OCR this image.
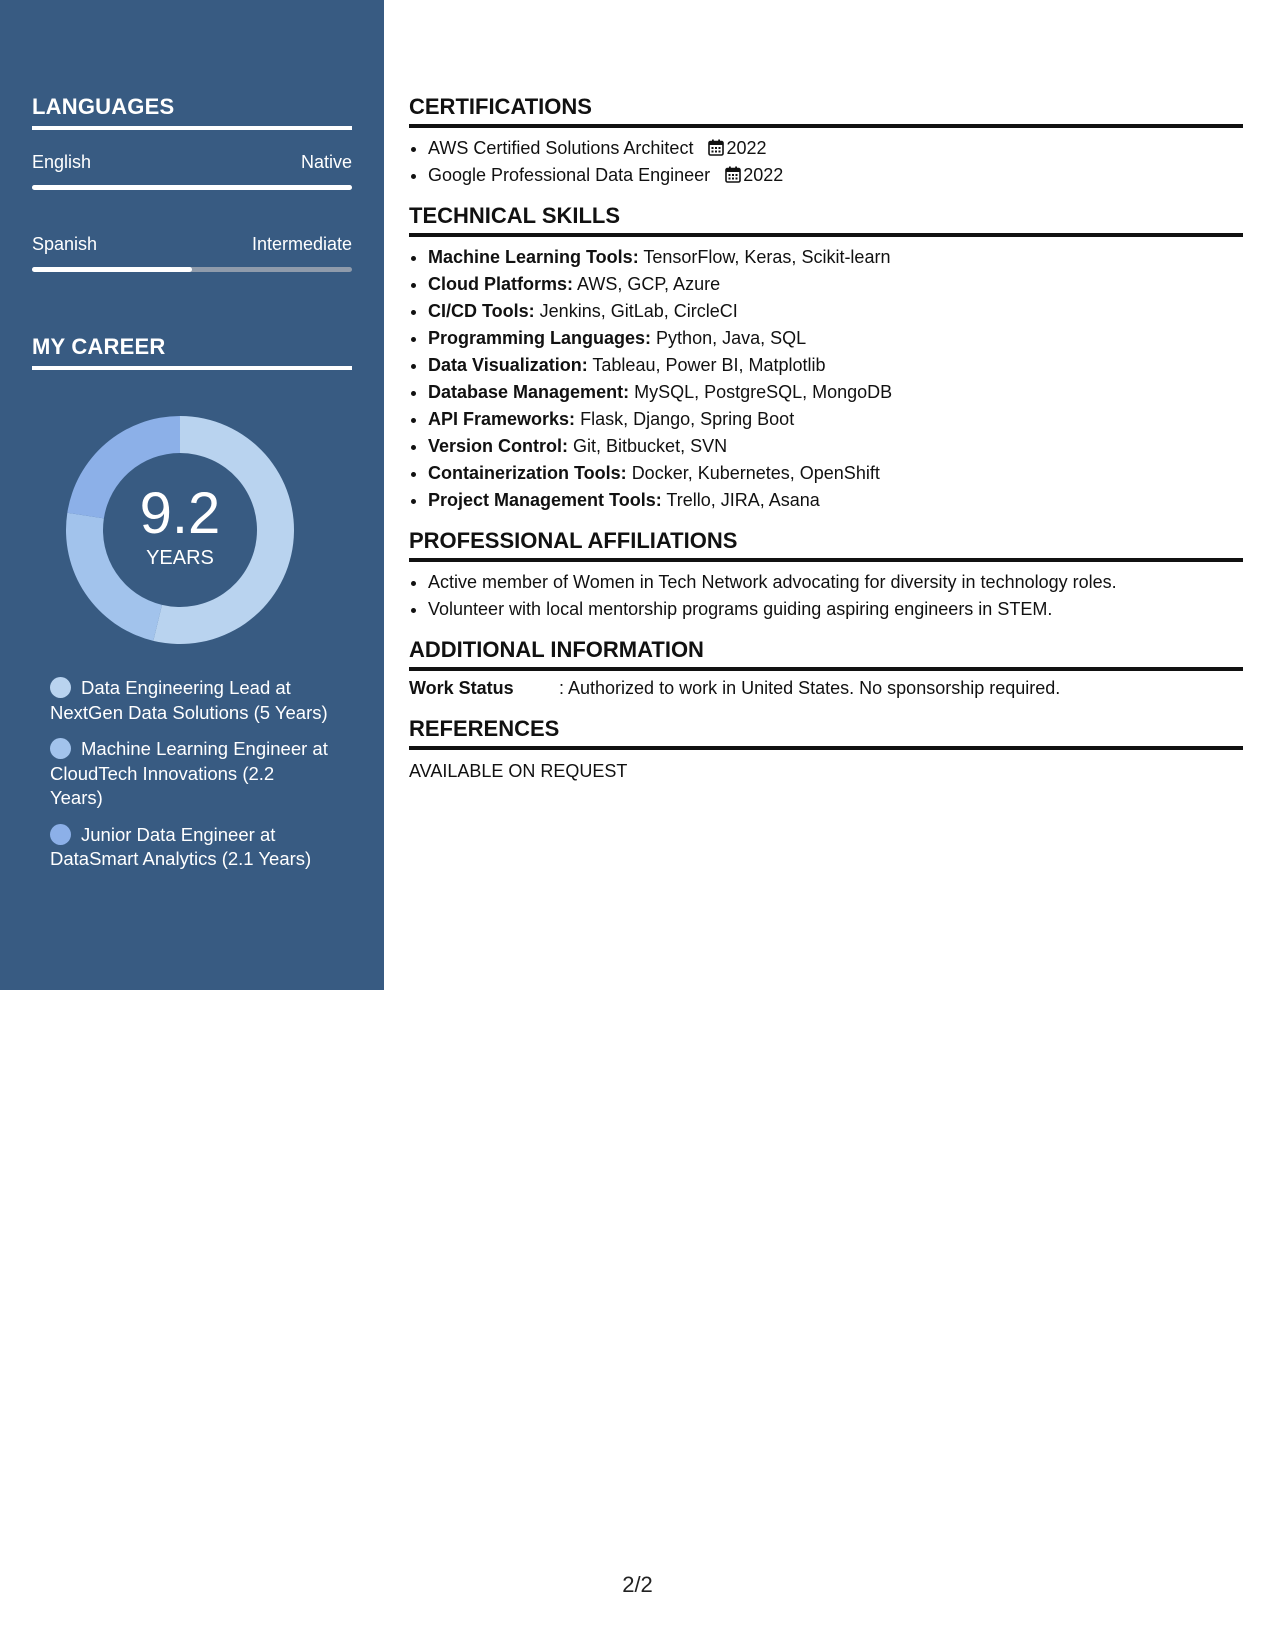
LANGUAGES
English	Native
Spanish	Intermediate
MY CAREER
9.2
YEARS
Data Engineering Lead at NextGen Data Solutions (5 Years)
Machine Learning Engineer at CloudTech Innovations (2.2 Years)
Junior Data Engineer at DataSmart Analytics (2.1 Years)
CERTIFICATIONS
• AWS Certified Solutions Architect 2022
• Google Professional Data Engineer 2022
TECHNICAL SKILLS
• Machine Learning Tools: TensorFlow, Keras, Scikit-learn
• Cloud Platforms: AWS, GCP, Azure
• CI/CD Tools: Jenkins, GitLab, CircleCI
• Programming Languages: Python, Java, SQL
• Data Visualization: Tableau, Power BI, Matplotlib
• Database Management: MySQL, PostgreSQL, MongoDB
• API Frameworks: Flask, Django, Spring Boot
• Version Control: Git, Bitbucket, SVN
• Containerization Tools: Docker, Kubernetes, OpenShift
• Project Management Tools: Trello, JIRA, Asana
PROFESSIONAL AFFILIATIONS
• Active member of Women in Tech Network advocating for diversity in technology roles.
• Volunteer with local mentorship programs guiding aspiring engineers in STEM.
ADDITIONAL INFORMATION
Work Status	: Authorized to work in United States. No sponsorship required.
REFERENCES
AVAILABLE ON REQUEST
2/2
